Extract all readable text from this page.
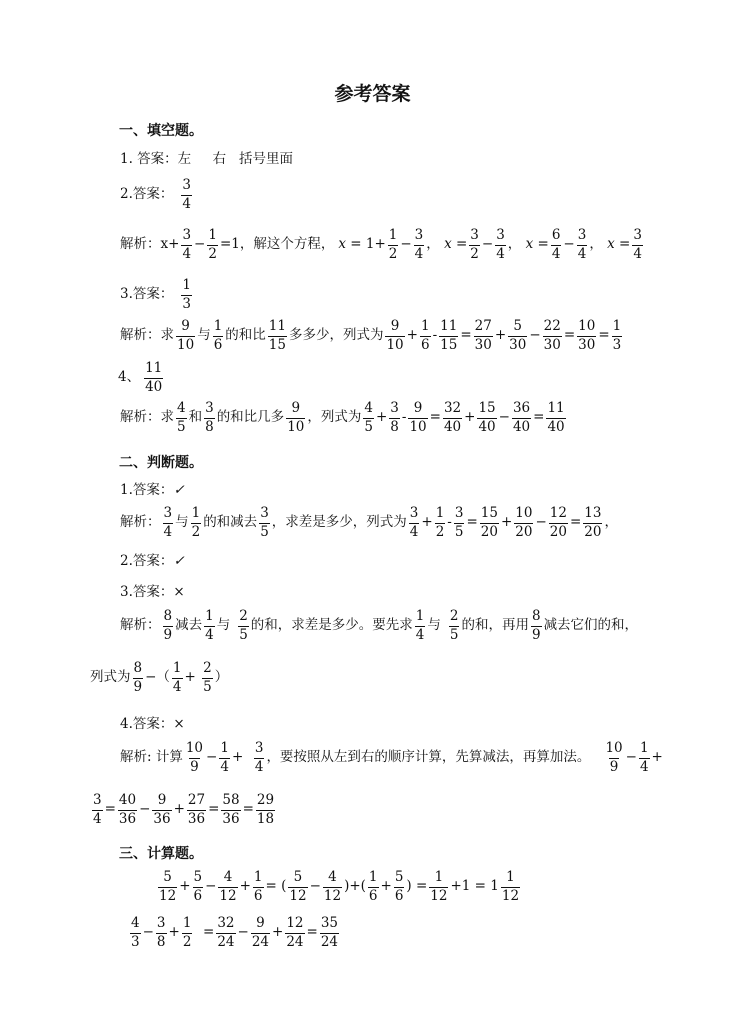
参考答案
一、填空题。
1. 答案：左     右   括号里面
2.答案： $\frac{3}{4}$
解析： $x+ \frac{3}{4} - \frac{1}{2} =1$ ，解这个方程， $x = 1+ \frac{1}{2} - \frac{3}{4}$ ， $x = \frac{3}{2} - \frac{3}{4}$ ， $x = \frac{6}{4} - \frac{3}{4}$ ， $x = \frac{3}{4}$
3.答案： $\frac{1}{3}$
解析：求 $\frac{9}{10}$ 与 $\frac{1}{6}$ 的和比 $\frac{11}{15}$ 多多少，列式为 $\frac{9}{10} + \frac{1}{6} - \frac{11}{15} = \frac{27}{30} + \frac{5}{30} - \frac{22}{30} = \frac{10}{30} = \frac{1}{3}$
4、 $\frac{11}{40}$
解析：求 $\frac{4}{5}$ 和 $\frac{3}{8}$ 的和比几多 $\frac{9}{10}$ ，列式为 $\frac{4}{5} + \frac{3}{8} - \frac{9}{10} = \frac{32}{40} + \frac{15}{40} - \frac{36}{40} = \frac{11}{40}$
二、判断题。
1.答案： ✓
解析： $\frac{3}{4}$ 与 $\frac{1}{2}$ 的和减去 $\frac{3}{5}$ ，求差是多少，列式为 $\frac{3}{4} + \frac{1}{2} - \frac{3}{5} = \frac{15}{20} + \frac{10}{20} - \frac{12}{20} = \frac{13}{20}$ ，
2.答案： ✓
3.答案： ×
解析： $\frac{8}{9}$ 减去 $\frac{1}{4}$ 与 $\frac{2}{5}$ 的和，求差是多少。要先求 $\frac{1}{4}$ 与 $\frac{2}{5}$ 的和，再用 $\frac{8}{9}$ 减去它们的和，
列式为 $\frac{8}{9}$ −（ $\frac{1}{4} + \frac{2}{5}$ ）
4.答案： ×
解析: 计算 $\frac{10}{9} - \frac{1}{4} + \frac{3}{4}$ ，要按照从左到右的顺序计算，先算减法，再算加法。 $\frac{10}{9} - \frac{1}{4}$ +
$\frac{3}{4} = \frac{40}{36} - \frac{9}{36} + \frac{27}{36} = \frac{58}{36} = \frac{29}{18}$
三、计算题。
$\frac{5}{12} + \frac{5}{6} - \frac{4}{12} + \frac{1}{6}$ = ( $\frac{5}{12} - \frac{4}{12}$ )+( $\frac{1}{6} + \frac{5}{6}$ ) = $\frac{1}{12} +1 = 1 \frac{1}{12}$
$\frac{4}{3} - \frac{3}{8} + \frac{1}{2} = \frac{32}{24} - \frac{9}{24} + \frac{12}{24} = \frac{35}{24}$
